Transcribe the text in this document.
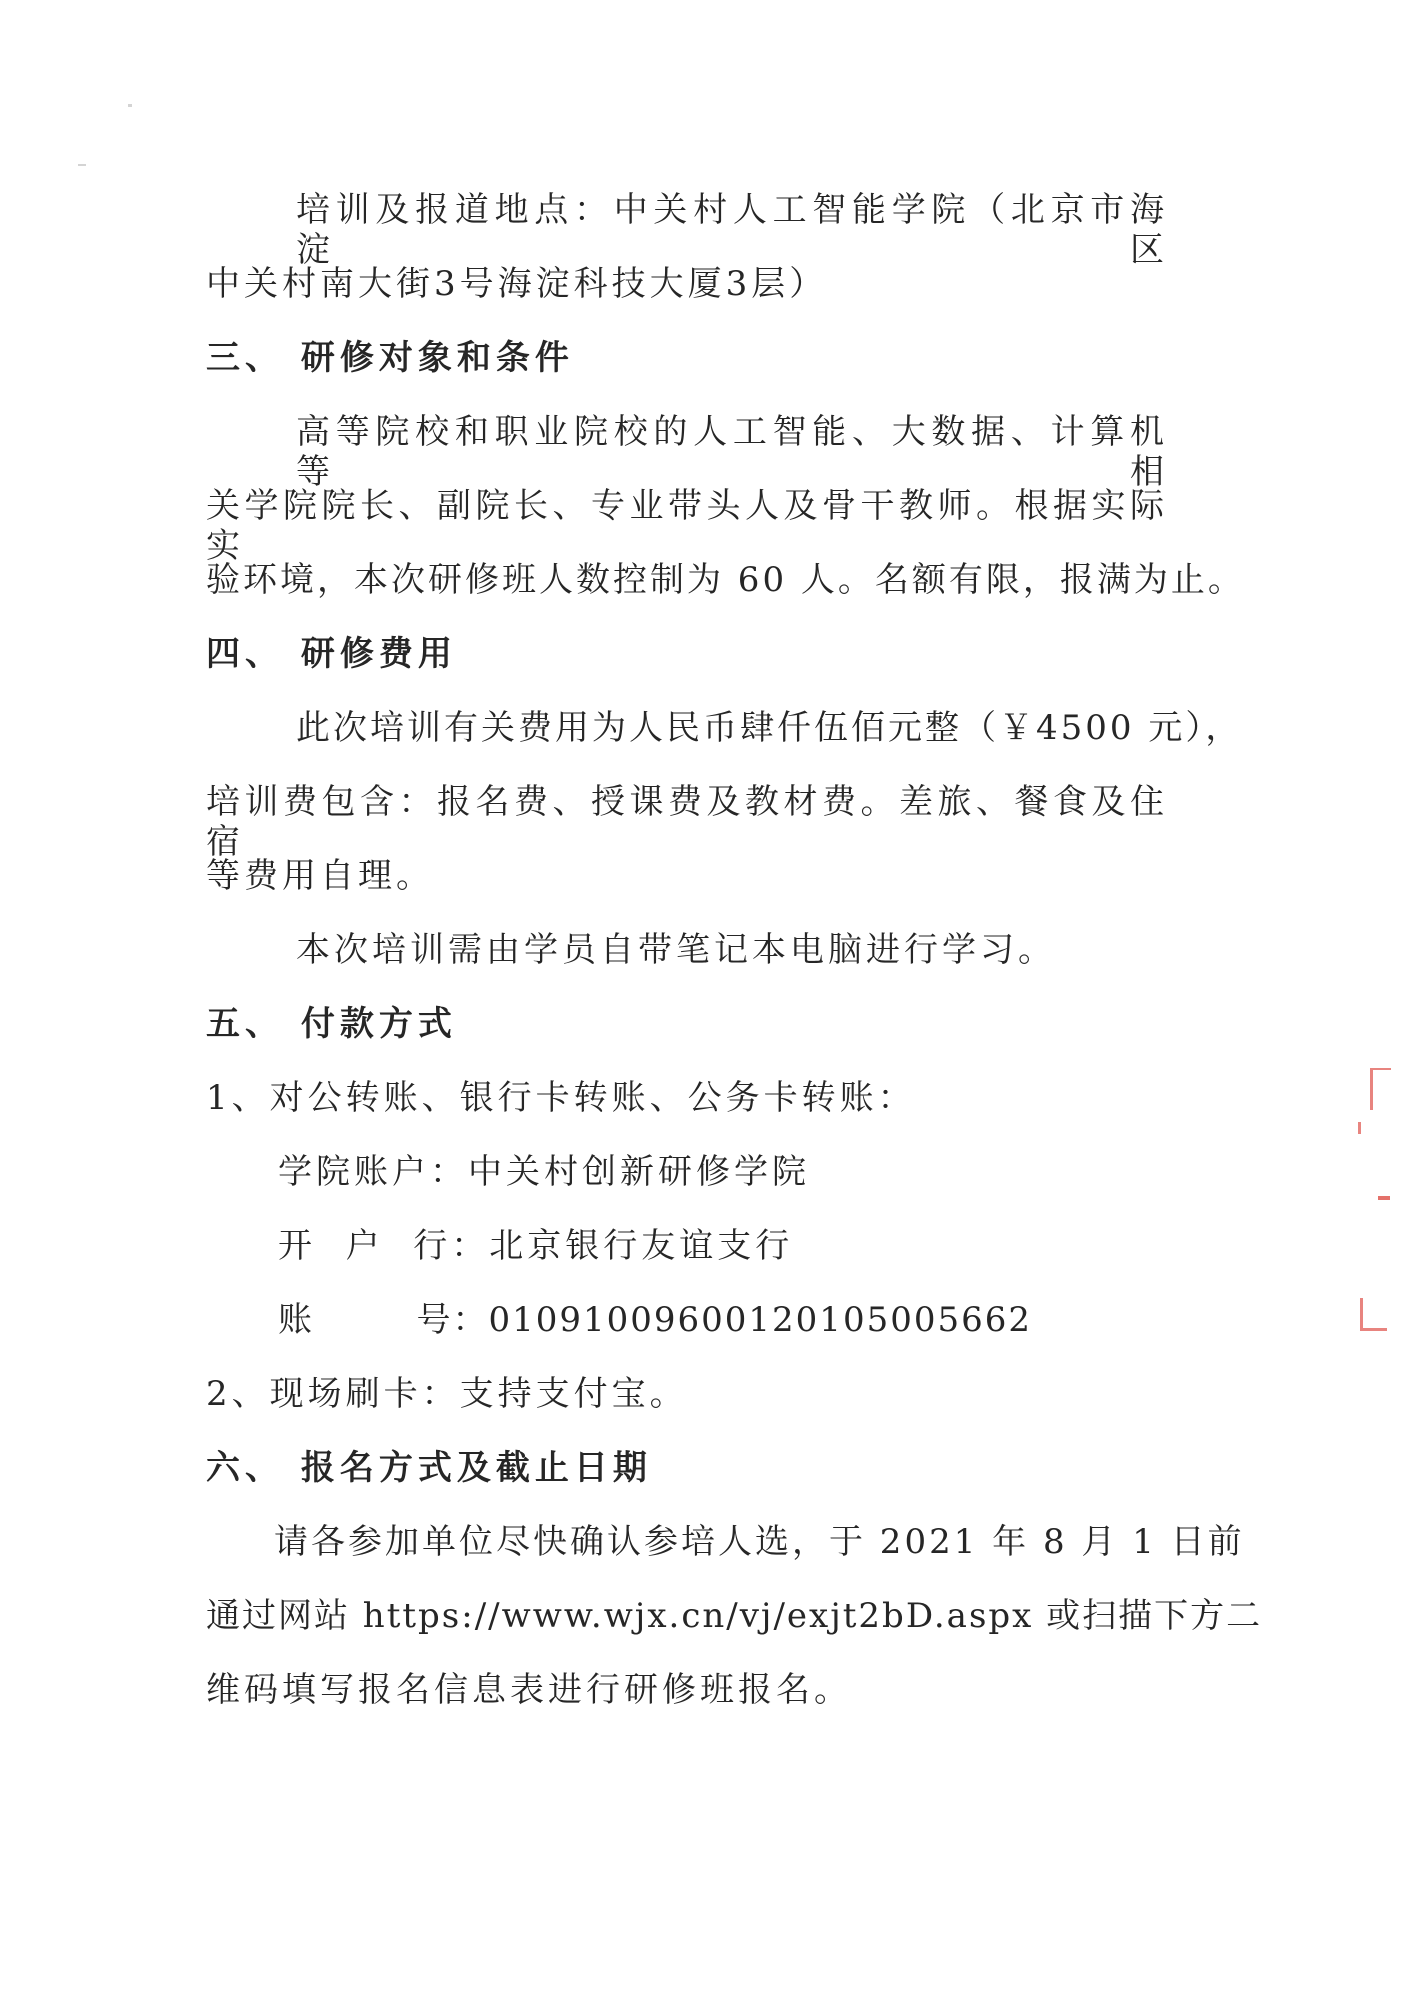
培训及报道地点：中关村人工智能学院（北京市海淀区
中关村南大街3号海淀科技大厦3层）
三、 研修对象和条件
高等院校和职业院校的人工智能、大数据、计算机等相
关学院院长、副院长、专业带头人及骨干教师。根据实际实
验环境，本次研修班人数控制为 60 人。名额有限，报满为止。
四、 研修费用
此次培训有关费用为人民币肆仟伍佰元整（￥4500 元），
培训费包含：报名费、授课费及教材费。差旅、餐食及住宿
等费用自理。
本次培训需由学员自带笔记本电脑进行学习。
五、 付款方式
1、对公转账、银行卡转账、公务卡转账：
学院账户：中关村创新研修学院
开  户  行：北京银行友谊支行
账        号：01091009600120105005662
2、现场刷卡：支持支付宝。
六、 报名方式及截止日期
请各参加单位尽快确认参培人选，于 2021 年 8 月 1 日前
通过网站 https://www.wjx.cn/vj/exjt2bD.aspx 或扫描下方二
维码填写报名信息表进行研修班报名。
